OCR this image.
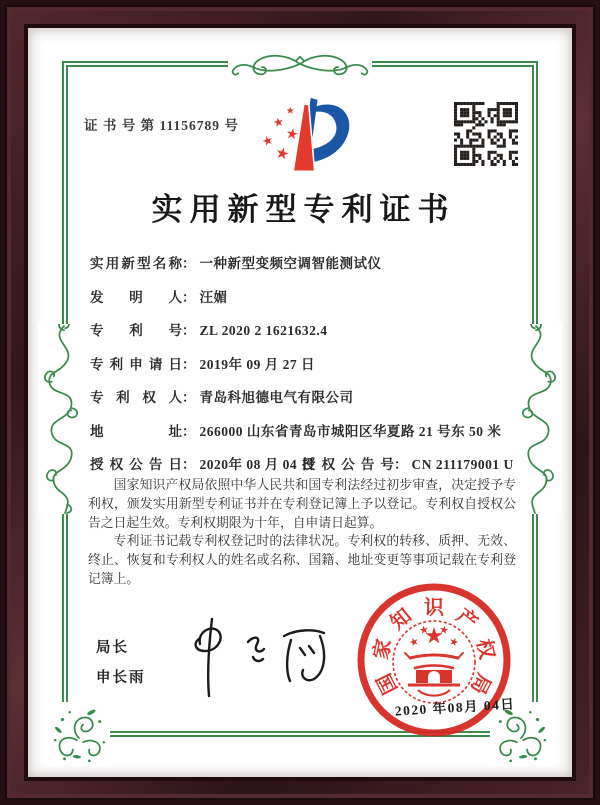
证 书 号 第 11156789 号
实用新型专利证书
实用新型名称： 一种新型变频空调智能测试仪
发明人： 汪媚
专利号： ZL 2020 2 1621632.4
专利申请日： 2019年 09 月 27 日
专利权人： 青岛科旭德电气有限公司
地址： 266000 山东省青岛市城阳区华夏路 21 号东 50 米
授权公告日： 2020年 08 月 04 日
授权公告号： CN 211179001 U

国家知识产权局依照中华人民共和国专利法经过初步审查，决定授予专利权，颁发实用新型专利证书并在专利登记簿上予以登记。专利权自授权公告之日起生效。专利权期限为十年，自申请日起算。

专利证书记载专利权登记时的法律状况。专利权的转移、质押、无效、终止、恢复和专利权人的姓名或名称、国籍、地址变更等事项记载在专利登记簿上。

局长
申长雨	国
家
知 识 产
权
局
2020 年08月 04日
